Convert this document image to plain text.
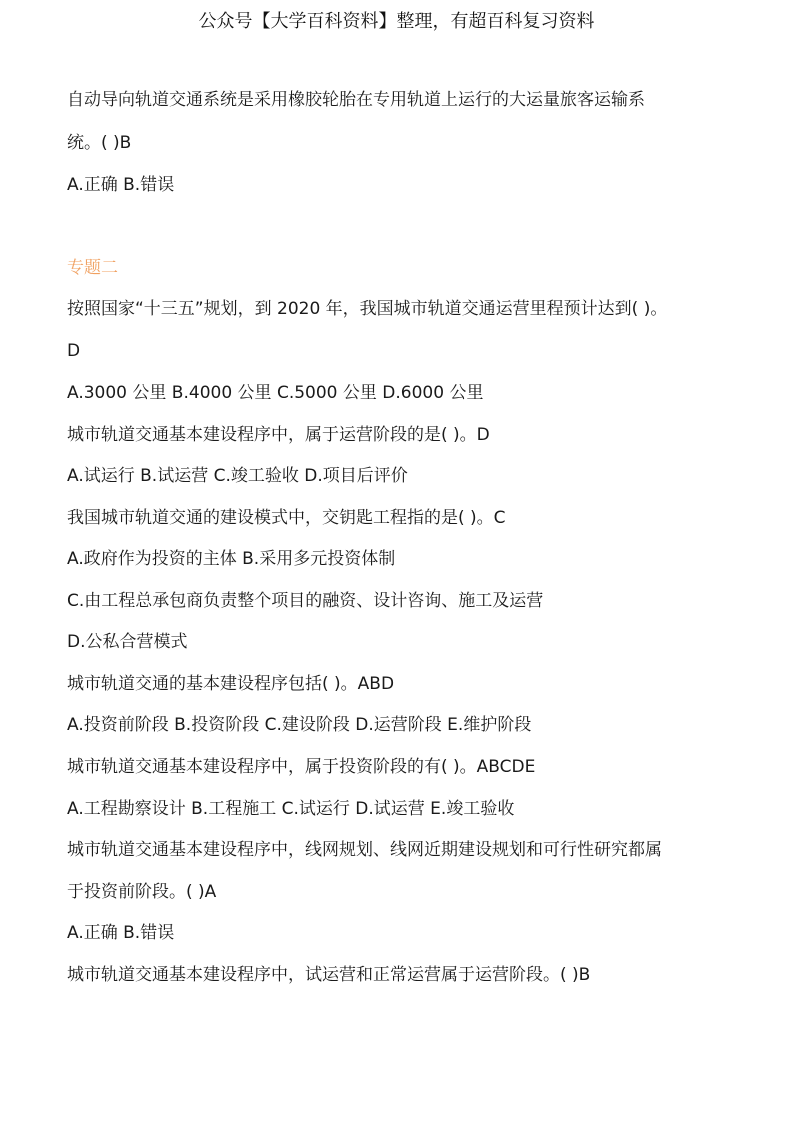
公众号【大学百科资料】整理，有超百科复习资料
自动导向轨道交通系统是采用橡胶轮胎在专用轨道上运行的大运量旅客运输系
统。( )B
A.正确 B.错误
专题二
按照国家“十三五”规划，到 2020 年，我国城市轨道交通运营里程预计达到( )。
D
A.3000 公里 B.4000 公里 C.5000 公里 D.6000 公里
城市轨道交通基本建设程序中，属于运营阶段的是( )。D
A.试运行 B.试运营 C.竣工验收 D.项目后评价
我国城市轨道交通的建设模式中，交钥匙工程指的是( )。C
A.政府作为投资的主体 B.采用多元投资体制
C.由工程总承包商负责整个项目的融资、设计咨询、施工及运营
D.公私合营模式
城市轨道交通的基本建设程序包括( )。ABD
A.投资前阶段 B.投资阶段 C.建设阶段 D.运营阶段 E.维护阶段
城市轨道交通基本建设程序中，属于投资阶段的有( )。ABCDE
A.工程勘察设计 B.工程施工 C.试运行 D.试运营 E.竣工验收
城市轨道交通基本建设程序中，线网规划、线网近期建设规划和可行性研究都属
于投资前阶段。( )A
A.正确 B.错误
城市轨道交通基本建设程序中，试运营和正常运营属于运营阶段。( )B
